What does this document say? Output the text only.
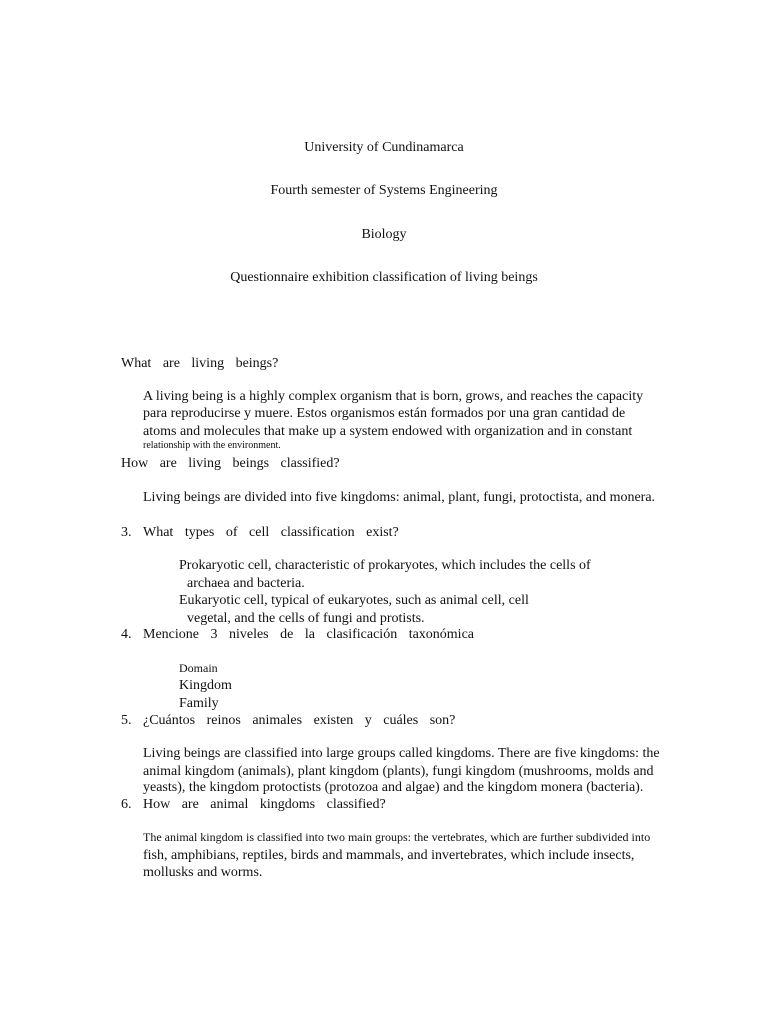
University of Cundinamarca
Fourth semester of Systems Engineering
Biology
Questionnaire exhibition classification of living beings
What are living beings?
A living being is a highly complex organism that is born, grows, and reaches the capacity
para reproducirse y muere. Estos organismos están formados por una gran cantidad de
atoms and molecules that make up a system endowed with organization and in constant
relationship with the environment.
How are living beings classified?
Living beings are divided into five kingdoms: animal, plant, fungi, protoctista, and monera.
3. What types of cell classification exist?
Prokaryotic cell, characteristic of prokaryotes, which includes the cells of
archaea and bacteria.
Eukaryotic cell, typical of eukaryotes, such as animal cell, cell
vegetal, and the cells of fungi and protists.
4. Mencione 3 niveles de la clasificación taxonómica
Domain
Kingdom
Family
5. ¿Cuántos reinos animales existen y cuáles son?
Living beings are classified into large groups called kingdoms. There are five kingdoms: the
animal kingdom (animals), plant kingdom (plants), fungi kingdom (mushrooms, molds and
yeasts), the kingdom protoctists (protozoa and algae) and the kingdom monera (bacteria).
6. How are animal kingdoms classified?
The animal kingdom is classified into two main groups: the vertebrates, which are further subdivided into
fish, amphibians, reptiles, birds and mammals, and invertebrates, which include insects,
mollusks and worms.
